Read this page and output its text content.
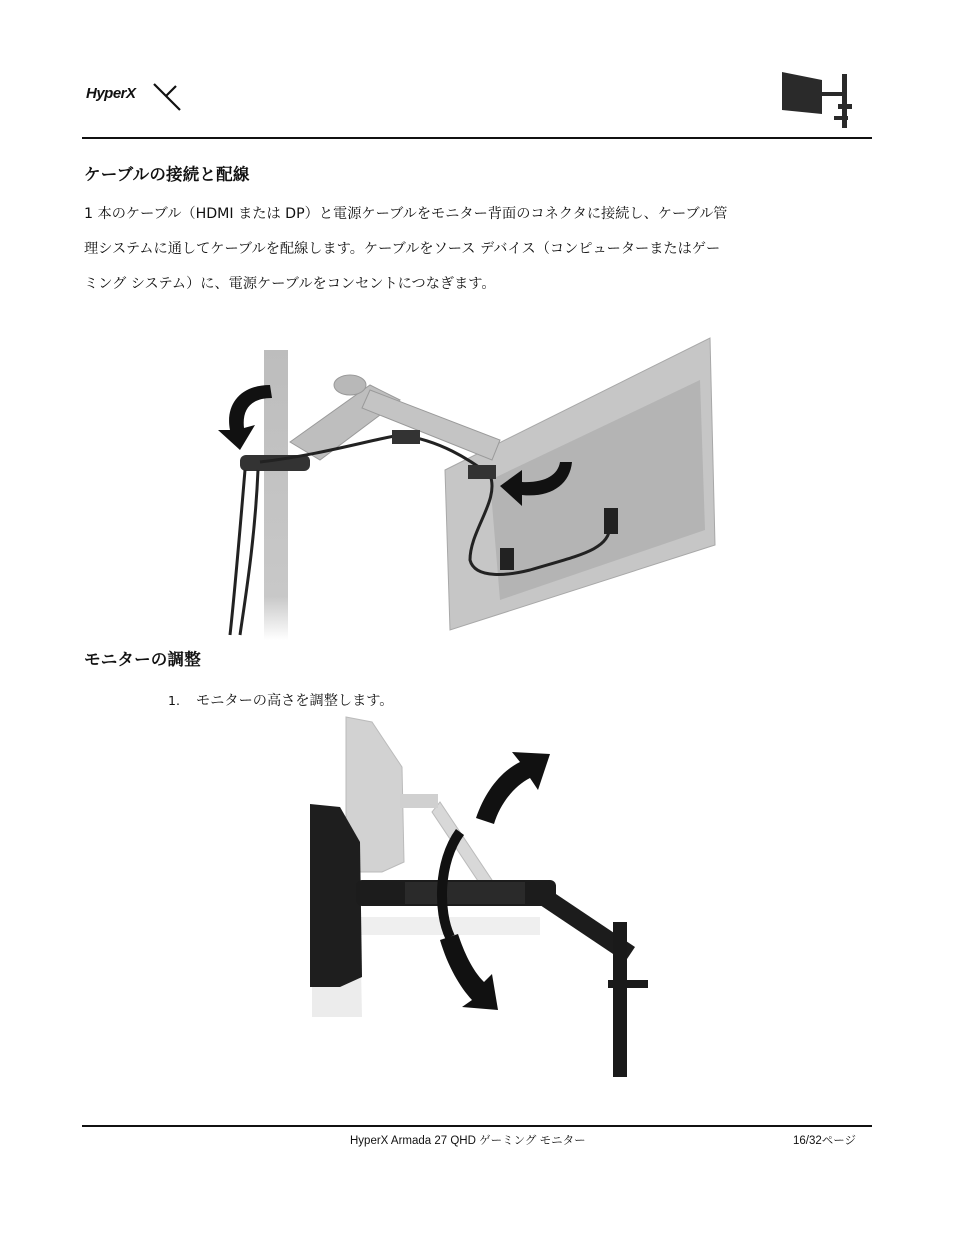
HyperX
ケーブルの接続と配線
1 本のケーブル（HDMI または DP）と電源ケーブルをモニター背面のコネクタに接続し、ケーブル管
理システムに通してケーブルを配線します。ケーブルをソース デバイス（コンピューターまたはゲー
ミング システム）に、電源ケーブルをコンセントにつなぎます。
モニターの調整
1. モニターの高さを調整します。
HyperX Armada 27 QHD ゲーミング モニター	16/32ページ
